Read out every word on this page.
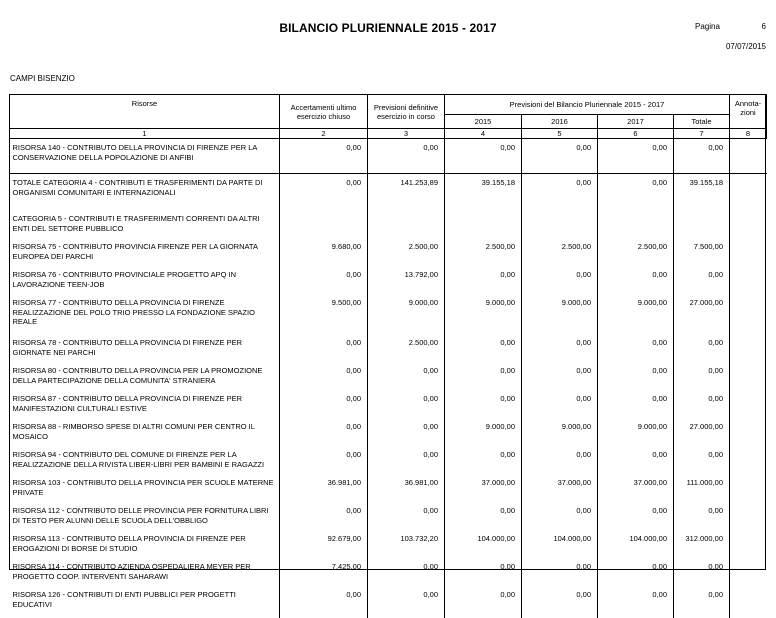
BILANCIO PLURIENNALE 2015 - 2017	Pagina	6
07/07/2015
CAMPI BISENZIO
Risorse	Accertamenti ultimo esercizio chiuso	Previsioni definitive esercizio in corso	Previsioni del Bilancio Pluriennale 2015 - 2017				Annota- zioni
			2015	2016	2017	Totale	
1	2	3	4	5	6	7	8
RISORSA 140 - CONTRIBUTO DELLA PROVINCIA DI FIRENZE PER LA CONSERVAZIONE DELLA POPOLAZIONE DI ANFIBI	0,00	0,00	0,00	0,00	0,00	0,00	
TOTALE CATEGORIA 4 - CONTRIBUTI E TRASFERIMENTI DA PARTE DI ORGANISMI COMUNITARI E INTERNAZIONALI	0,00	141.253,89	39.155,18	0,00	0,00	39.155,18	
CATEGORIA 5 - CONTRIBUTI E TRASFERIMENTI CORRENTI DA ALTRI ENTI DEL SETTORE PUBBLICO							
RISORSA 75 - CONTRIBUTO PROVINCIA FIRENZE PER LA GIORNATA EUROPEA DEI PARCHI	9.680,00	2.500,00	2.500,00	2.500,00	2.500,00	7.500,00	
RISORSA 76 - CONTRIBUTO PROVINCIALE PROGETTO APQ IN LAVORAZIONE TEEN-JOB	0,00	13.792,00	0,00	0,00	0,00	0,00	
RISORSA 77 - CONTRIBUTO DELLA PROVINCIA DI FIRENZE REALIZZAZIONE DEL POLO TRIO PRESSO LA FONDAZIONE SPAZIO REALE	9.500,00	9.000,00	9.000,00	9.000,00	9.000,00	27.000,00	
RISORSA 78 - CONTRIBUTO DELLA PROVINCIA DI FIRENZE PER GIORNATE NEI PARCHI	0,00	2.500,00	0,00	0,00	0,00	0,00	
RISORSA 80 - CONTRIBUTO DELLA PROVINCIA PER LA PROMOZIONE DELLA PARTECIPAZIONE DELLA COMUNITA' STRANIERA	0,00	0,00	0,00	0,00	0,00	0,00	
RISORSA 87 - CONTRIBUTO DELLA PROVINCIA DI FIRENZE PER MANIFESTAZIONI CULTURALI ESTIVE	0,00	0,00	0,00	0,00	0,00	0,00	
RISORSA 88 - RIMBORSO SPESE DI ALTRI COMUNI PER CENTRO IL MOSAICO	0,00	0,00	9.000,00	9.000,00	9.000,00	27.000,00	
RISORSA 94 - CONTRIBUTO DEL COMUNE DI FIRENZE PER LA REALIZZAZIONE DELLA RIVISTA LIBER-LIBRI PER BAMBINI E RAGAZZI	0,00	0,00	0,00	0,00	0,00	0,00	
RISORSA 103 - CONTRIBUTO DELLA PROVINCIA PER SCUOLE MATERNE PRIVATE	36.981,00	36.981,00	37.000,00	37.000,00	37.000,00	111.000,00	
RISORSA 112 - CONTRIBUTO DELLE PROVINCIA PER FORNITURA LIBRI DI TESTO PER ALUNNI DELLE SCUOLA DELL'OBBLIGO	0,00	0,00	0,00	0,00	0,00	0,00	
RISORSA 113 - CONTRIBUTO DELLA PROVINCIA DI FIRENZE PER EROGAZIONI DI BORSE DI STUDIO	92.679,00	103.732,20	104.000,00	104.000,00	104.000,00	312.000,00	
RISORSA 114 - CONTRIBUTO AZIENDA OSPEDALIERA MEYER PER PROGETTO COOP. INTERVENTI SAHARAWI	7.425,00	0,00	0,00	0,00	0,00	0,00	
RISORSA 126 - CONTRIBUTI DI ENTI PUBBLICI PER PROGETTI EDUCATIVI	0,00	0,00	0,00	0,00	0,00	0,00	
